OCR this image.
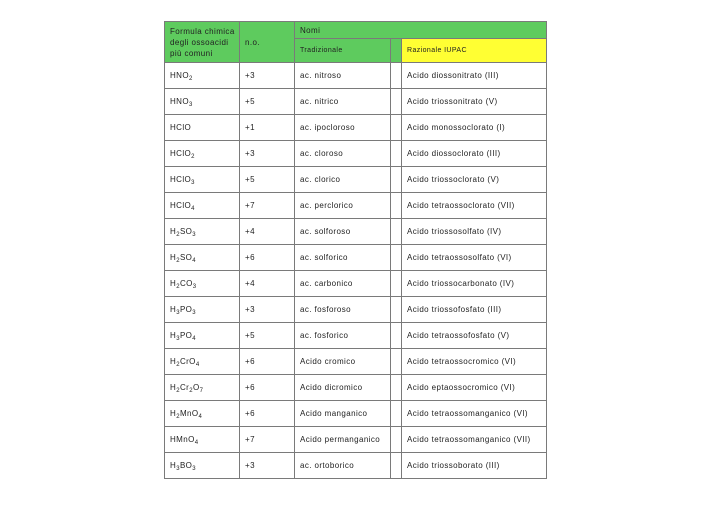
Formula chimica
degli ossoacidi
più comuni	n.o.	Nomi		
		Tradizionale		Razionale IUPAC
$HNO_2$	+3	ac. nitroso		Acido diossonitrato (III)
$HNO_3$	+5	ac. nitrico		Acido triossonitrato (V)
HClO	+1	ac. ipocloroso		Acido monossoclorato (I)
HClO$_2$	+3	ac. cloroso		Acido diossoclorato (III)
HClO$_3$	+5	ac. clorico		Acido triossoclorato (V)
HClO$_4$	+7	ac. perclorico		Acido tetraossoclorato (VII)
$H_2SO_3$	+4	ac. solforoso		Acido triossosolfato (IV)
$H_2SO_4$	+6	ac. solforico		Acido tetraossosolfato (VI)
$H_2CO_3$	+4	ac. carbonico		Acido triossocarbonato (IV)
$H_3PO_3$	+3	ac. fosforoso		Acido triossofosfato (III)
$H_3PO_4$	+5	ac. fosforico		Acido tetraossofosfato (V)
$H_2CrO_4$	+6	Acido cromico		Acido tetraossocromico (VI)
$H_2Cr_2O_7$	+6	Acido dicromico		Acido eptaossocromico (VI)
$H_2MnO_4$	+6	Acido manganico		Acido tetraossomanganico (VI)
HMnO$_4$	+7	Acido permanganico		Acido tetraossomanganico (VII)
$H_3BO_3$	+3	ac. ortoborico		Acido triossoborato (III)
